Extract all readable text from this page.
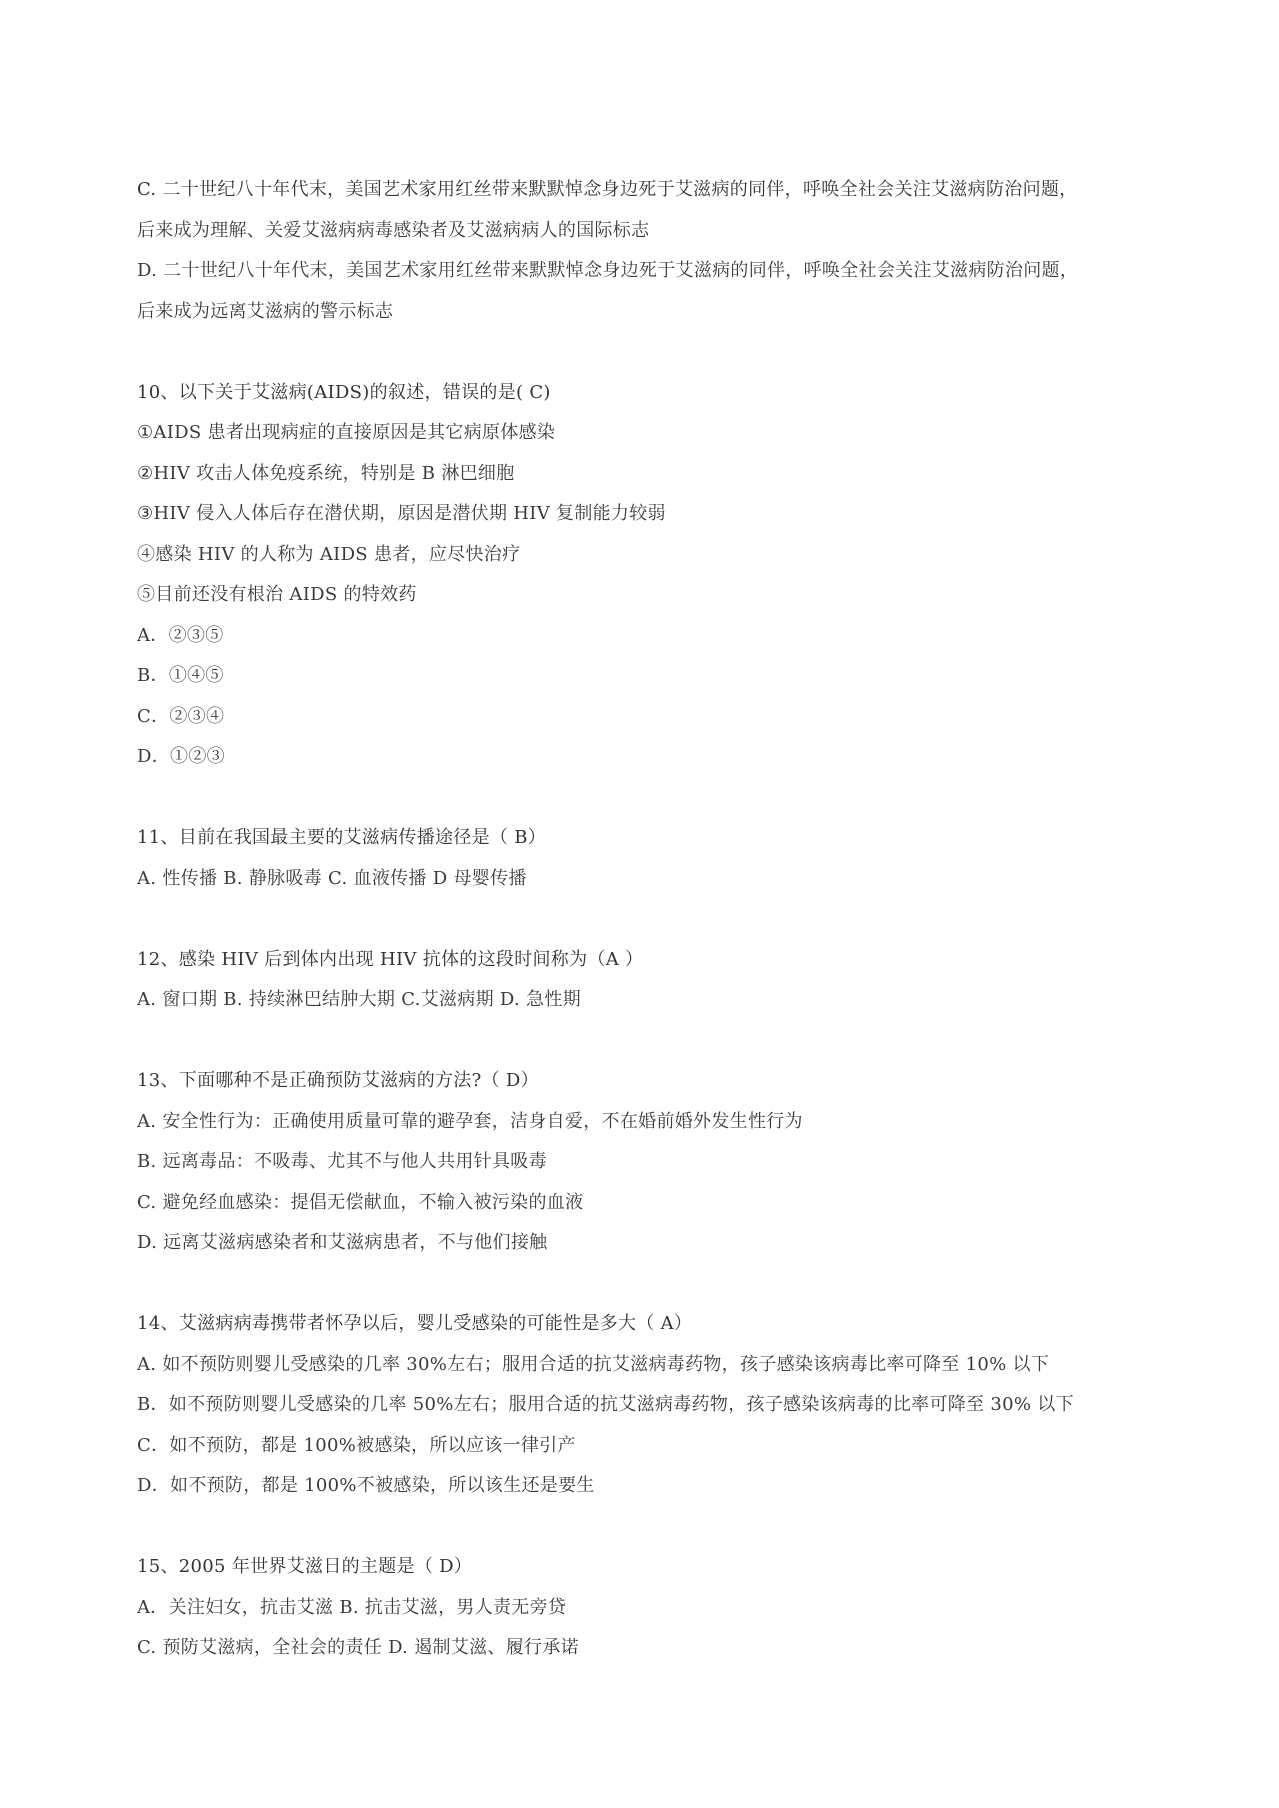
C. 二十世纪八十年代末，美国艺术家用红丝带来默默悼念身边死于艾滋病的同伴，呼唤全社会关注艾滋病防治问题，
后来成为理解、关爱艾滋病病毒感染者及艾滋病病人的国际标志
D. 二十世纪八十年代末，美国艺术家用红丝带来默默悼念身边死于艾滋病的同伴，呼唤全社会关注艾滋病防治问题，
后来成为远离艾滋病的警示标志
10、以下关于艾滋病(AIDS)的叙述，错误的是( C)
①AIDS 患者出现病症的直接原因是其它病原体感染
②HIV 攻击人体免疫系统，特别是 B 淋巴细胞
③HIV 侵入人体后存在潜伏期，原因是潜伏期 HIV 复制能力较弱
④感染 HIV 的人称为 AIDS 患者，应尽快治疗
⑤目前还没有根治 AIDS 的特效药
A．②③⑤
B．①④⑤
C．②③④
D．①②③
11、目前在我国最主要的艾滋病传播途径是（ B）
A. 性传播 B. 静脉吸毒 C. 血液传播 D 母婴传播
12、感染 HIV 后到体内出现 HIV 抗体的这段时间称为（A ）
A. 窗口期 B. 持续淋巴结肿大期 C.艾滋病期 D. 急性期
13、下面哪种不是正确预防艾滋病的方法?（ D）
A. 安全性行为：正确使用质量可靠的避孕套，洁身自爱，不在婚前婚外发生性行为
B. 远离毒品：不吸毒、尤其不与他人共用针具吸毒
C. 避免经血感染：提倡无偿献血，不输入被污染的血液
D. 远离艾滋病感染者和艾滋病患者，不与他们接触
14、艾滋病病毒携带者怀孕以后，婴儿受感染的可能性是多大（ A）
A. 如不预防则婴儿受感染的几率 30%左右；服用合适的抗艾滋病毒药物，孩子感染该病毒比率可降至 10% 以下
B．如不预防则婴儿受感染的几率 50%左右；服用合适的抗艾滋病毒药物，孩子感染该病毒的比率可降至 30% 以下
C．如不预防，都是 100%被感染，所以应该一律引产
D．如不预防，都是 100%不被感染，所以该生还是要生
15、2005 年世界艾滋日的主题是（ D）
A．关注妇女，抗击艾滋 B. 抗击艾滋，男人责无旁贷
C. 预防艾滋病，全社会的责任 D. 遏制艾滋、履行承诺
